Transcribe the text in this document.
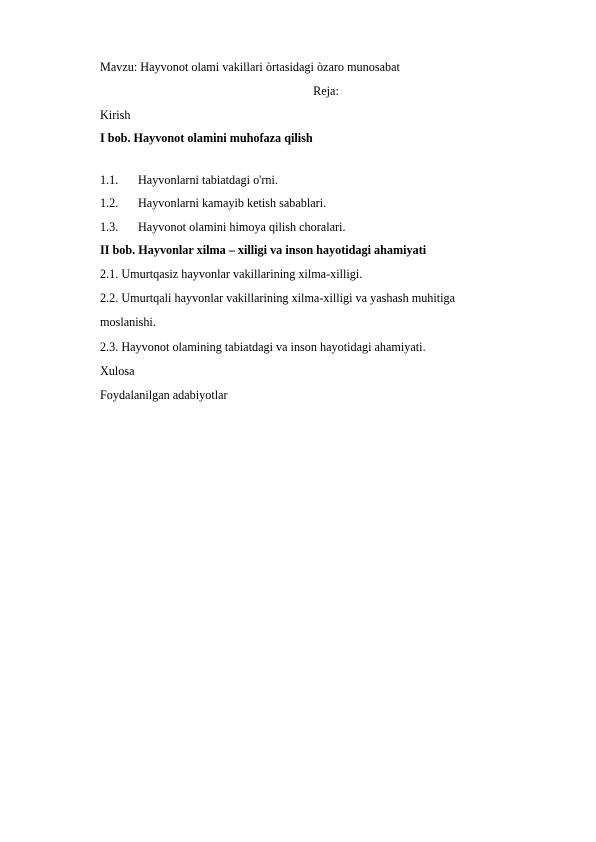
Mavzu: Hayvonot olami vakillari òrtasidagi òzaro munosabat
Reja:
Kirish
I bob. Hayvonot olamini muhofaza qilish
1.1. Hayvonlarni tabiatdagi o'rni.
1.2. Hayvonlarni kamayib ketish sabablari.
1.3. Hayvonot olamini himoya qilish choralari.
II bob. Hayvonlar xilma – xilligi va inson hayotidagi ahamiyati
2.1. Umurtqasiz hayvonlar vakillarining xilma-xilligi.
2.2. Umurtqali hayvonlar vakillarining xilma-xilligi va yashash muhitiga
moslanishi.
2.3. Hayvonot olamining tabiatdagi va inson hayotidagi ahamiyati.
Xulosa
Foydalanilgan adabiyotlar
